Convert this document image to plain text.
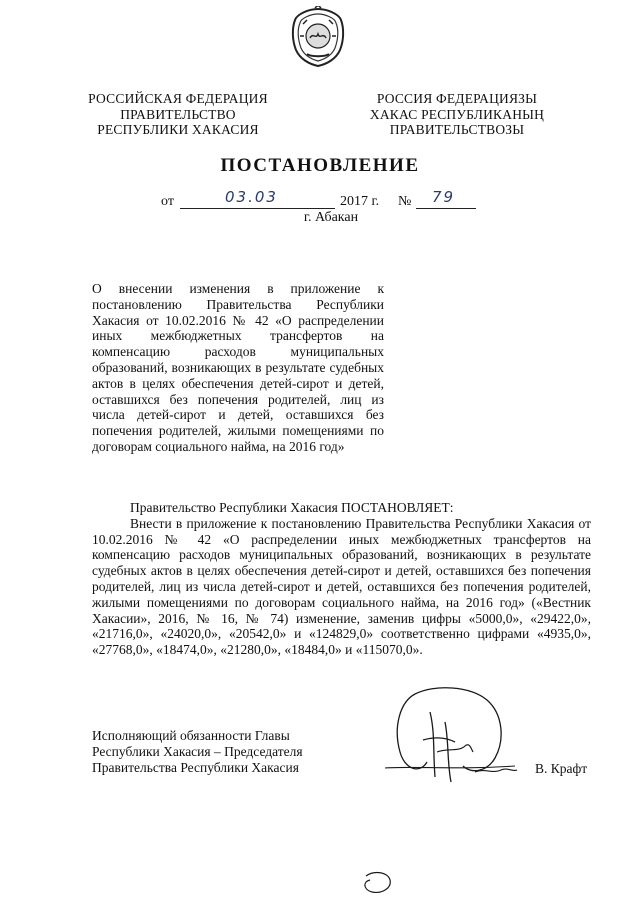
РОССИЙСКАЯ ФЕДЕРАЦИЯ
ПРАВИТЕЛЬСТВО
РЕСПУБЛИКИ ХАКАСИЯ
РОССИЯ ФЕДЕРАЦИЯЗЫ
ХАКАС РЕСПУБЛИКАНЫҢ
ПРАВИТЕЛЬСТВОЗЫ
ПОСТАНОВЛЕНИЕ
от	03.03	2017 г. № 79
г. Абакан
О внесении изменения в приложение к постановлению Правительства Республики Хакасия от 10.02.2016 № 42 «О распределении иных межбюджетных трансфертов на компенсацию расходов муниципальных образований, возникающих в результате судебных актов в целях обеспечения детей-сирот и детей, оставшихся без попечения родителей, лиц из числа детей-сирот и детей, оставшихся без попечения родителей, жилыми помещениями по договорам социального найма, на 2016 год»

Правительство Республики Хакасия ПОСТАНОВЛЯЕТ:

Внести в приложение к постановлению Правительства Республики Хакасия от 10.02.2016 № 42 «О распределении иных межбюджетных трансфертов на компенсацию расходов муниципальных образований, возникающих в результате судебных актов в целях обеспечения детей-сирот и детей, оставшихся без попечения родителей, лиц из числа детей-сирот и детей, оставшихся без попечения родителей, жилыми помещениями по договорам социального найма, на 2016 год» («Вестник Хакасии», 2016, № 16, № 74) изменение, заменив цифры «5000,0», «29422,0», «21716,0», «24020,0», «20542,0» и «124829,0» соответственно цифрами «4935,0», «27768,0», «18474,0», «21280,0», «18484,0» и «115070,0».

Исполняющий обязанности Главы
Республики Хакасия – Председателя
Правительства Республики Хакасия	В. Крафт
